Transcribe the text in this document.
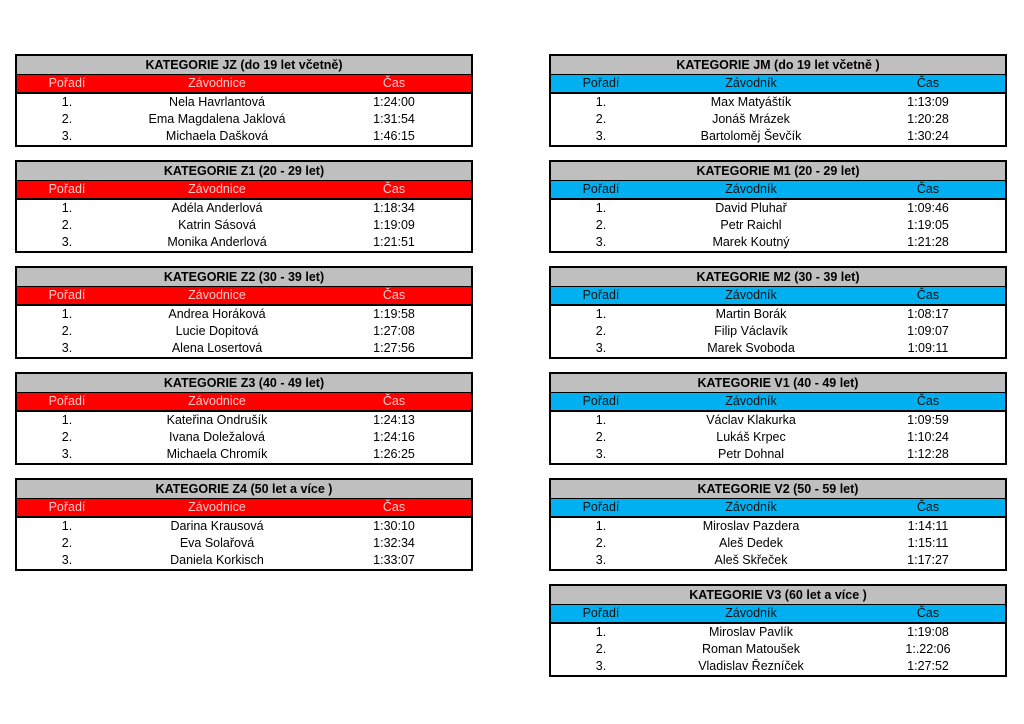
KATEGORIE JZ (do 19 let včetně)
Pořadí	Závodnice	Čas
1.	Nela Havrlantová	1:24:00
2.	Ema Magdalena Jaklová	1:31:54
3.	Michaela Dašková	1:46:15
KATEGORIE Z1 (20 - 29 let)
Pořadí	Závodnice	Čas
1.	Adéla Anderlová	1:18:34
2.	Katrin Sásová	1:19:09
3.	Monika Anderlová	1:21:51
KATEGORIE Z2 (30 - 39 let)
Pořadí	Závodnice	Čas
1.	Andrea Horáková	1:19:58
2.	Lucie Dopitová	1:27:08
3.	Alena Losertová	1:27:56
KATEGORIE Z3 (40 - 49 let)
Pořadí	Závodnice	Čas
1.	Kateřina Ondrušík	1:24:13
2.	Ivana Doležalová	1:24:16
3.	Michaela Chromík	1:26:25
KATEGORIE Z4 (50 let a více )
Pořadí	Závodnice	Čas
1.	Darina Krausová	1:30:10
2.	Eva Solařová	1:32:34
3.	Daniela Korkisch	1:33:07
KATEGORIE JM (do 19 let včetně )
Pořadí	Závodník	Čas
1.	Max Matyáštík	1:13:09
2.	Jonáš Mrázek	1:20:28
3.	Bartoloměj Ševčík	1:30:24
KATEGORIE M1 (20 - 29 let)
Pořadí	Závodník	Čas
1.	David Pluhař	1:09:46
2.	Petr Raichl	1:19:05
3.	Marek Koutný	1:21:28
KATEGORIE M2 (30 - 39 let)
Pořadí	Závodník	Čas
1.	Martin Borák	1:08:17
2.	Filip Václavík	1:09:07
3.	Marek Svoboda	1:09:11
KATEGORIE V1 (40 - 49 let)
Pořadí	Závodník	Čas
1.	Václav Klakurka	1:09:59
2.	Lukáš Krpec	1:10:24
3.	Petr Dohnal	1:12:28
KATEGORIE V2 (50 - 59 let)
Pořadí	Závodník	Čas
1.	Miroslav Pazdera	1:14:11
2.	Aleš Dedek	1:15:11
3.	Aleš Skřeček	1:17:27
KATEGORIE V3 (60 let a více )
Pořadí	Závodník	Čas
1.	Miroslav Pavlík	1:19:08
2.	Roman Matoušek	1:.22:06
3.	Vladislav Řezníček	1:27:52
